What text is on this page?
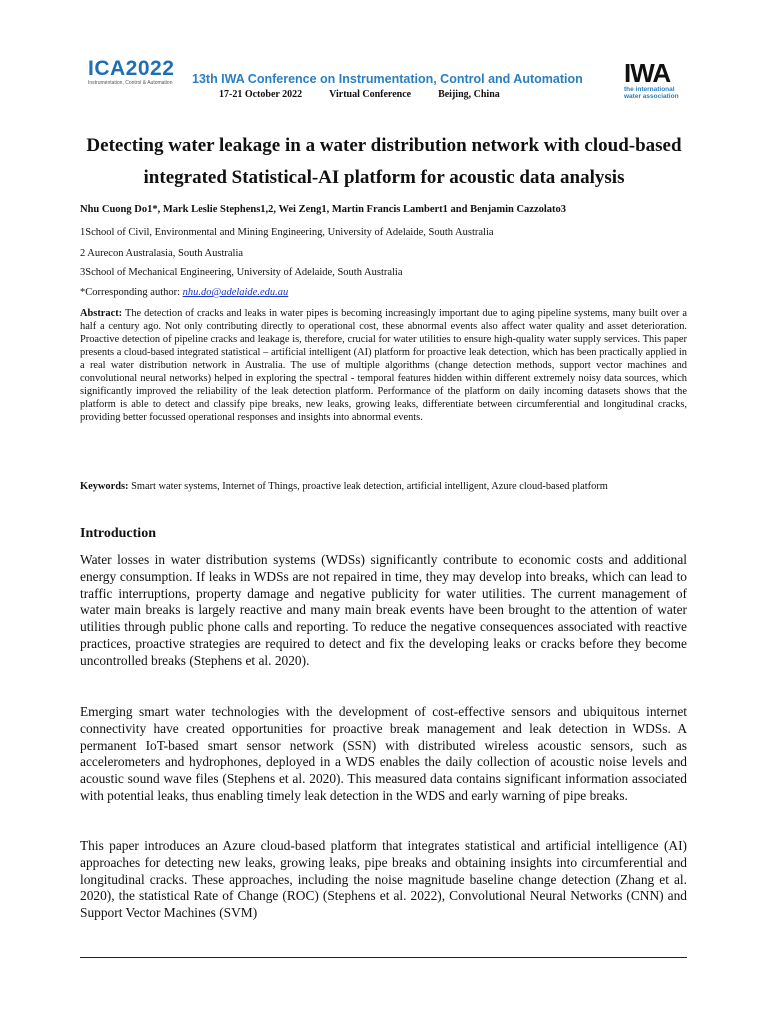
ICA2022
Instrumentation, Control & Automation	13th IWA Conference on Instrumentation, Control and Automation
17-21 October 2022	Virtual Conference	Beijing, China
IWA
the international
water association
Detecting water leakage in a water distribution network with cloud-based integrated Statistical-AI platform for acoustic data analysis
Nhu Cuong Do1*, Mark Leslie Stephens1,2, Wei Zeng1, Martin Francis Lambert1 and Benjamin Cazzolato3
1School of Civil, Environmental and Mining Engineering, University of Adelaide, South Australia
2 Aurecon Australasia, South Australia
3School of Mechanical Engineering, University of Adelaide, South Australia
*Corresponding author: nhu.do@adelaide.edu.au
Abstract: The detection of cracks and leaks in water pipes is becoming increasingly important due to aging pipeline systems, many built over a half a century ago. Not only contributing directly to operational cost, these abnormal events also affect water quality and asset deterioration. Proactive detection of pipeline cracks and leakage is, therefore, crucial for water utilities to ensure high-quality water supply services. This paper presents a cloud-based integrated statistical – artificial intelligent (AI) platform for proactive leak detection, which has been practically applied in a real water distribution network in Australia. The use of multiple algorithms (change detection methods, support vector machines and convolutional neural networks) helped in exploring the spectral - temporal features hidden within different extremely noisy data sources, which significantly improved the reliability of the leak detection platform. Performance of the platform on daily incoming datasets shows that the platform is able to detect and classify pipe breaks, new leaks, growing leaks, differentiate between circumferential and longitudinal cracks, providing better focussed operational responses and insights into abnormal events.
Keywords: Smart water systems, Internet of Things, proactive leak detection, artificial intelligent, Azure cloud-based platform
Introduction
Water losses in water distribution systems (WDSs) significantly contribute to economic costs and additional energy consumption. If leaks in WDSs are not repaired in time, they may develop into breaks, which can lead to traffic interruptions, property damage and negative publicity for water utilities. The current management of water main breaks is largely reactive and many main break events have been brought to the attention of water utilities through public phone calls and reporting. To reduce the negative consequences associated with reactive practices, proactive strategies are required to detect and fix the developing leaks or cracks before they become uncontrolled breaks (Stephens et al. 2020).
Emerging smart water technologies with the development of cost-effective sensors and ubiquitous internet connectivity have created opportunities for proactive break management and leak detection in WDSs. A permanent IoT-based smart sensor network (SSN) with distributed wireless acoustic sensors, such as accelerometers and hydrophones, deployed in a WDS enables the daily collection of acoustic noise levels and acoustic sound wave files (Stephens et al. 2020). This measured data contains significant information associated with potential leaks, thus enabling timely leak detection in the WDS and early warning of pipe breaks.
This paper introduces an Azure cloud-based platform that integrates statistical and artificial intelligence (AI) approaches for detecting new leaks, growing leaks, pipe breaks and obtaining insights into circumferential and longitudinal cracks. These approaches, including the noise magnitude baseline change detection (Zhang et al. 2020), the statistical Rate of Change (ROC) (Stephens et al. 2022), Convolutional Neural Networks (CNN) and Support Vector Machines (SVM)
